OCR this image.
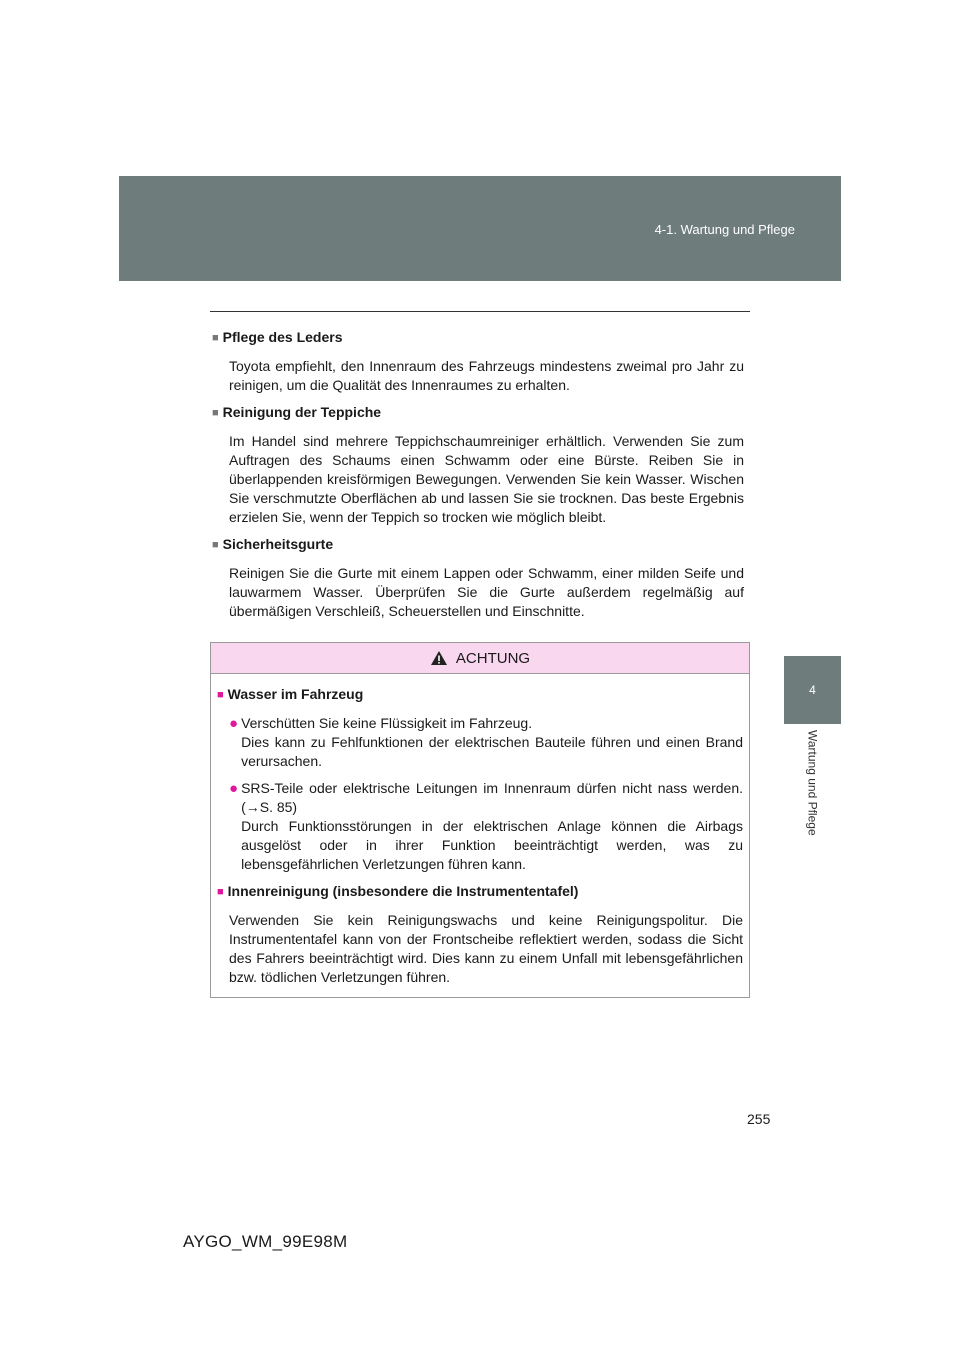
4-1. Wartung und Pflege
4
Wartung und Pflege

■ Pflege des Leders

Toyota empfiehlt, den Innenraum des Fahrzeugs mindestens zweimal pro Jahr zu reinigen, um die Qualität des Innenraumes zu erhalten.

■ Reinigung der Teppiche

Im Handel sind mehrere Teppichschaumreiniger erhältlich. Verwenden Sie zum Auftragen des Schaums einen Schwamm oder eine Bürste. Reiben Sie in überlappenden kreisförmigen Bewegungen. Verwenden Sie kein Wasser. Wischen Sie verschmutzte Oberflächen ab und lassen Sie sie trocknen. Das beste Ergebnis erzielen Sie, wenn der Teppich so trocken wie möglich bleibt.

■ Sicherheitsgurte

Reinigen Sie die Gurte mit einem Lappen oder Schwamm, einer milden Seife und lauwarmem Wasser. Überprüfen Sie die Gurte außerdem regelmäßig auf übermäßigen Verschleiß, Scheuerstellen und Einschnitte.

ACHTUNG

■ Wasser im Fahrzeug

● Verschütten Sie keine Flüssigkeit im Fahrzeug.
Dies kann zu Fehlfunktionen der elektrischen Bauteile führen und einen Brand verursachen.
● SRS-Teile oder elektrische Leitungen im Innenraum dürfen nicht nass werden. (→S. 85)
Durch Funktionsstörungen in der elektrischen Anlage können die Airbags ausgelöst oder in ihrer Funktion beeinträchtigt werden, was zu lebensgefährlichen Verletzungen führen kann.

■ Innenreinigung (insbesondere die Instrumententafel)

Verwenden Sie kein Reinigungswachs und keine Reinigungspolitur. Die Instrumententafel kann von der Frontscheibe reflektiert werden, sodass die Sicht des Fahrers beeinträchtigt wird. Dies kann zu einem Unfall mit lebensgefährlichen bzw. tödlichen Verletzungen führen.

255
AYGO_WM_99E98M
